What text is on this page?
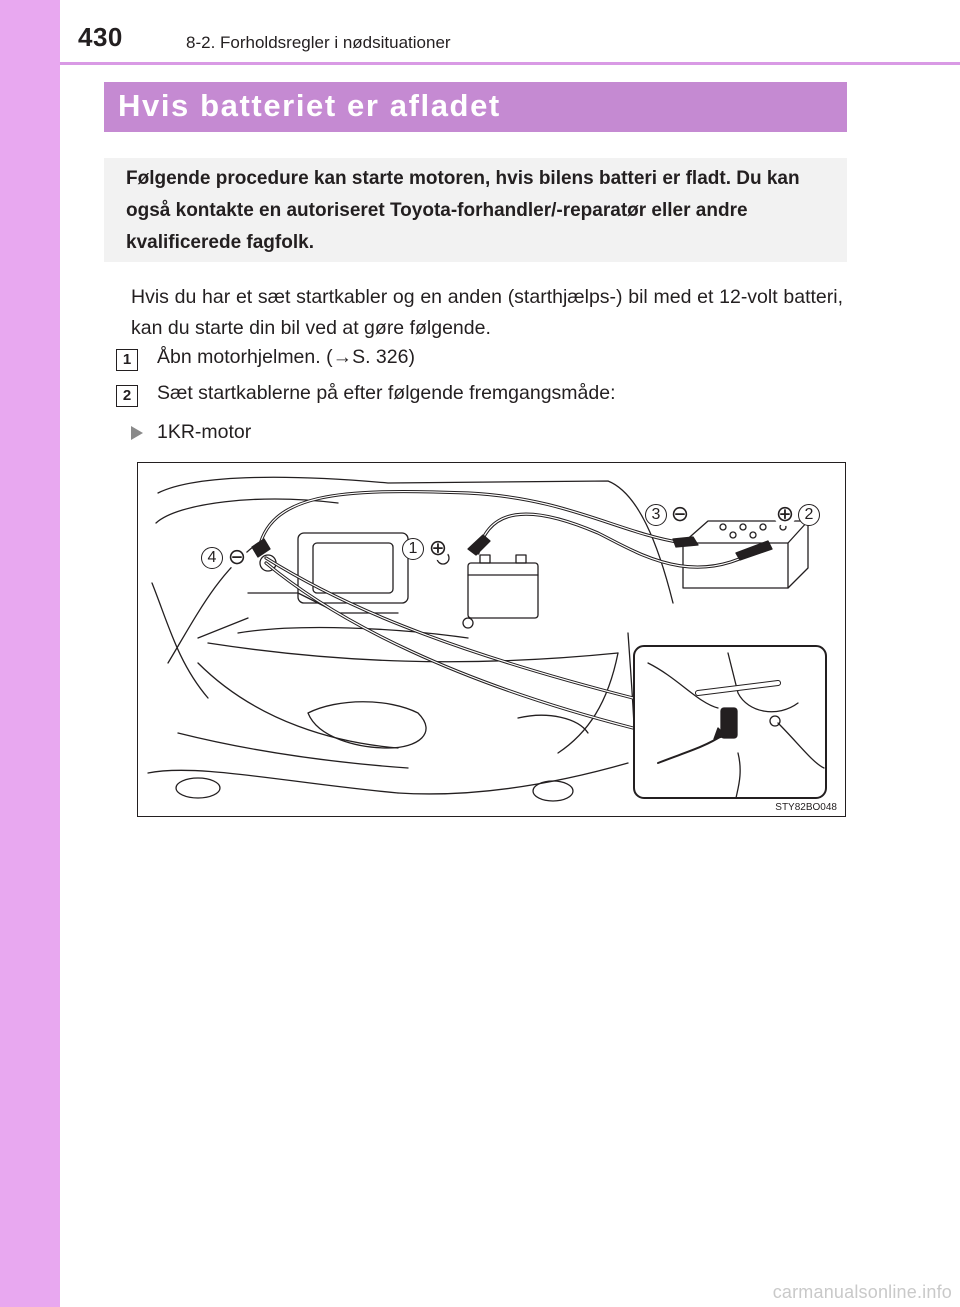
430	8-2. Forholdsregler i nødsituationer
Hvis batteriet er afladet
Følgende procedure kan starte motoren, hvis bilens batteri er fladt. Du kan også kontakte en autoriseret Toyota-forhandler/-reparatør eller andre kvalificerede fagfolk.
Hvis du har et sæt startkabler og en anden (starthjælps-) bil med et 12-volt batteri, kan du starte din bil ved at gøre følgende.
1	Åbn motorhjelmen. (→S. 326)
2	Sæt startkablerne på efter følgende fremgangsmåde:
1KR-motor
3 ⊖	⊕ 2
1 ⊕
4 ⊖
STY82BO048
carmanualsonline.info
